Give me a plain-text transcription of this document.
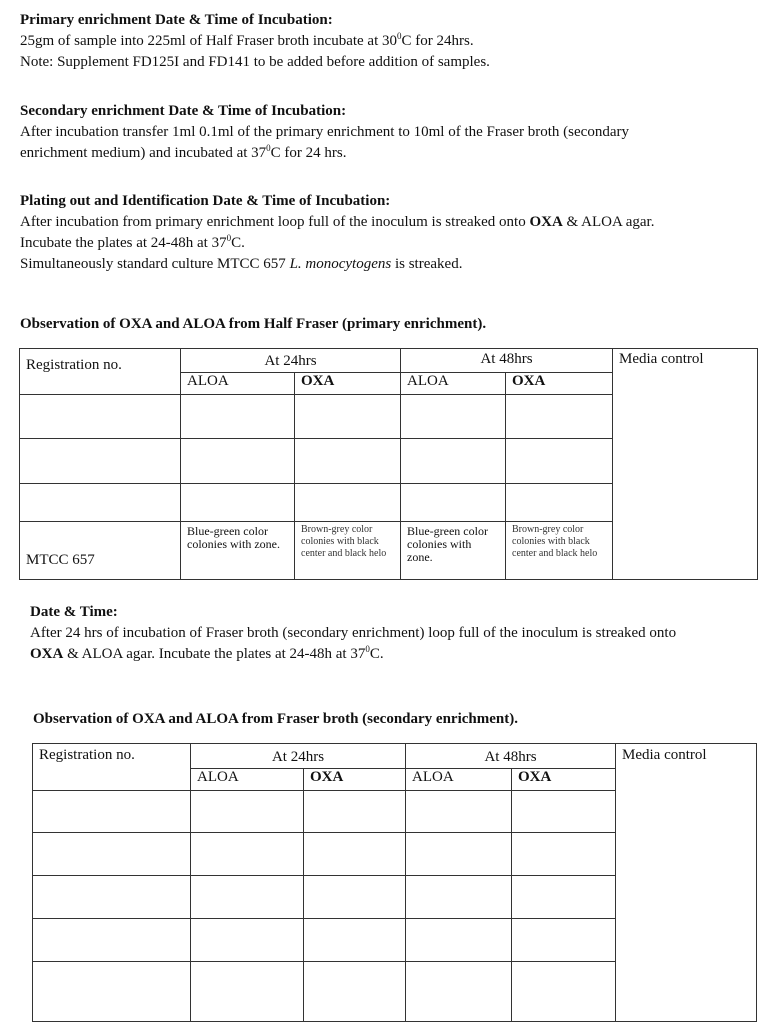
Primary enrichment Date & Time of Incubation:
25gm of sample into 225ml of Half Fraser broth incubate at $30^0C$ for 24hrs.
Note: Supplement FD125I and FD141 to be added before addition of samples.
Secondary enrichment Date & Time of Incubation:
After incubation transfer 1ml 0.1ml of the primary enrichment to 10ml of the Fraser broth (secondary
enrichment medium) and incubated at $37^0C$ for 24 hrs.
Plating out and Identification Date & Time of Incubation:
After incubation from primary enrichment loop full of the inoculum is streaked onto OXA & ALOA agar.
Incubate the plates at 24-48h at $37^0C$.
Simultaneously standard culture MTCC 657 L. monocytogens is streaked.
Observation of OXA and ALOA from Half Fraser (primary enrichment).
Registration no.	At 24hrs		At 48hrs		Media control
	ALOA	OXA	ALOA	OXA	

MTCC 657	Blue-green color colonies with zone.	Brown-grey color colonies with black center and black helo	Blue-green color colonies with zone.	Brown-grey color colonies with black center and black helo	
Date & Time:
After 24 hrs of incubation of Fraser broth (secondary enrichment) loop full of the inoculum is streaked onto
OXA & ALOA agar. Incubate the plates at 24-48h at $37^0C$.
Observation of OXA and ALOA from Fraser broth (secondary enrichment).
Registration no.	At 24hrs		At 48hrs		Media control
	ALOA	OXA	ALOA	OXA	
